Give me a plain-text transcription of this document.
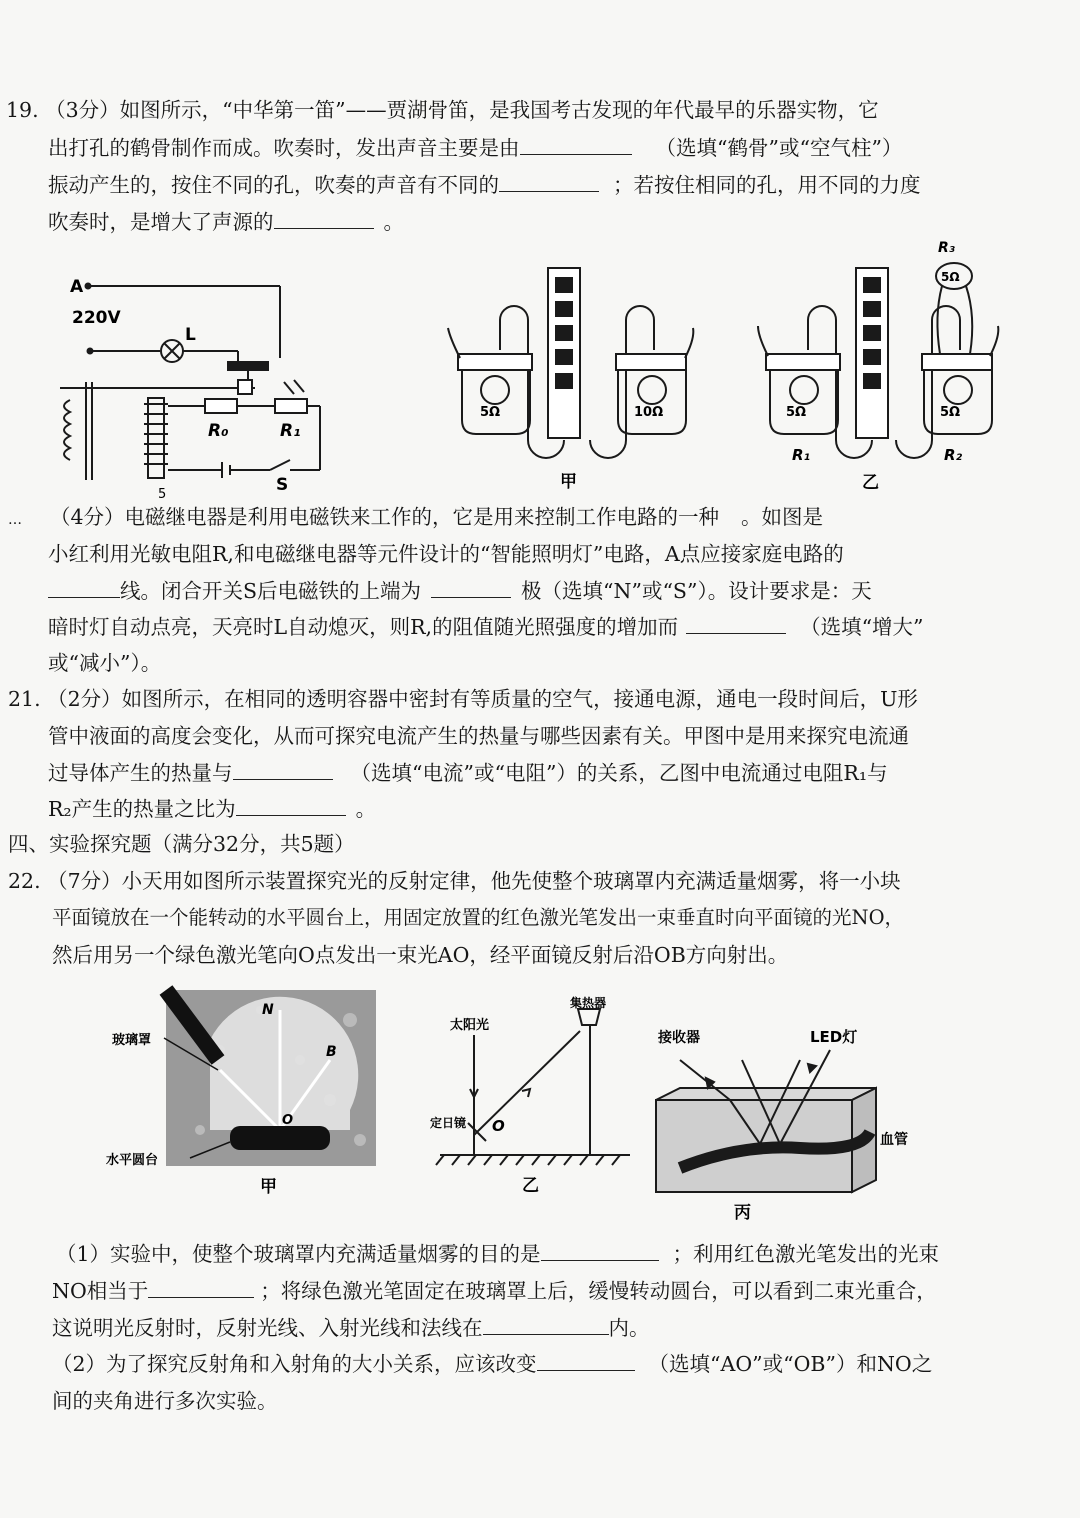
19. （3分）如图所示，“中华第一笛”——贾湖骨笛，是我国考古发现的年代最早的乐器实物，它
出打孔的鹤骨制作而成。吹奏时，发出声音主要是由	（选填“鹤骨”或“空气柱”）
振动产生的，按住不同的孔，吹奏的声音有不同的	；若按住相同的孔，用不同的力度
吹奏时，是增大了声源的	。
A
220V
L
R₀	R₁
S
5
5Ω	10Ω
甲
R₃
5Ω
5Ω	5Ω
R₁	R₂
乙
… （4分）电磁继电器是利用电磁铁来工作的，它是用来控制工作电路的一种 。如图是
小红利用光敏电阻R,和电磁继电器等元件设计的“智能照明灯”电路，A点应接家庭电路的
线。闭合开关S后电磁铁的上端为	极（选填“N”或“S”）。设计要求是：天
暗时灯自动点亮，天亮时L自动熄灭，则R,的阻值随光照强度的增加而	（选填“增大”
或“减小”）。
21. （2分）如图所示，在相同的透明容器中密封有等质量的空气，接通电源，通电一段时间后，U形
管中液面的高度会变化，从而可探究电流产生的热量与哪些因素有关。甲图中是用来探究电流通
过导体产生的热量与	（选填“电流”或“电阻”）的关系，乙图中电流通过电阻R₁与
R₂产生的热量之比为	。
四、实验探究题（满分32分，共5题）
22. （7分）小天用如图所示装置探究光的反射定律，他先使整个玻璃罩内充满适量烟雾，将一小块
平面镜放在一个能转动的水平圆台上，用固定放置的红色激光笔发出一束垂直时向平面镜的光NO，
然后用另一个绿色激光笔向O点发出一束光AO，经平面镜反射后沿OB方向射出。
玻璃罩
水平圆台
N
B
O
甲
太阳光
集热器
定日镜 O
乙
接收器	LED灯
血管
丙
（1）实验中，使整个玻璃罩内充满适量烟雾的目的是	；利用红色激光笔发出的光束
NO相当于	；将绿色激光笔固定在玻璃罩上后，缓慢转动圆台，可以看到二束光重合，
这说明光反射时，反射光线、入射光线和法线在	内。
（2）为了探究反射角和入射角的大小关系，应该改变	（选填“AO”或“OB”）和NO之
间的夹角进行多次实验。
